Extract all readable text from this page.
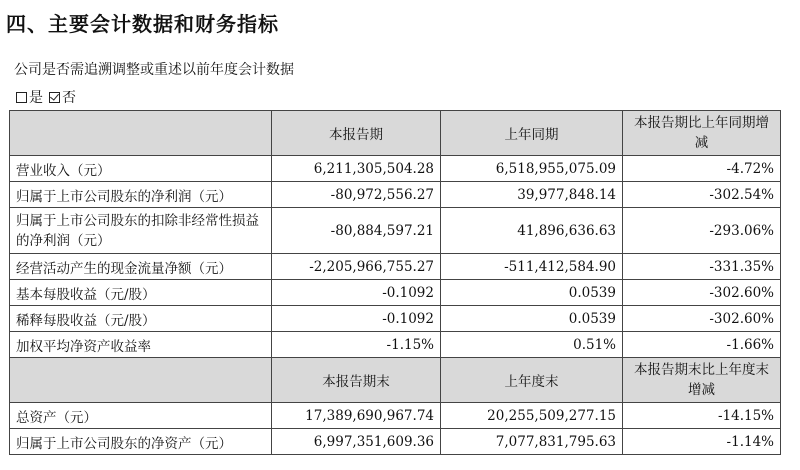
四、主要会计数据和财务指标
公司是否需追溯调整或重述以前年度会计数据
是 否
	本报告期	上年同期	本报告期比上年同期增减
营业收入（元）	6,211,305,504.28	6,518,955,075.09	-4.72%
归属于上市公司股东的净利润（元）	-80,972,556.27	39,977,848.14	-302.54%
归属于上市公司股东的扣除非经常性损益的净利润（元）	-80,884,597.21	41,896,636.63	-293.06%
经营活动产生的现金流量净额（元）	-2,205,966,755.27	-511,412,584.90	-331.35%
基本每股收益（元/股）	-0.1092	0.0539	-302.60%
稀释每股收益（元/股）	-0.1092	0.0539	-302.60%
加权平均净资产收益率	-1.15%	0.51%	-1.66%
	本报告期末	上年度末	本报告期末比上年度末增减
总资产（元）	17,389,690,967.74	20,255,509,277.15	-14.15%
归属于上市公司股东的净资产（元）	6,997,351,609.36	7,077,831,795.63	-1.14%
